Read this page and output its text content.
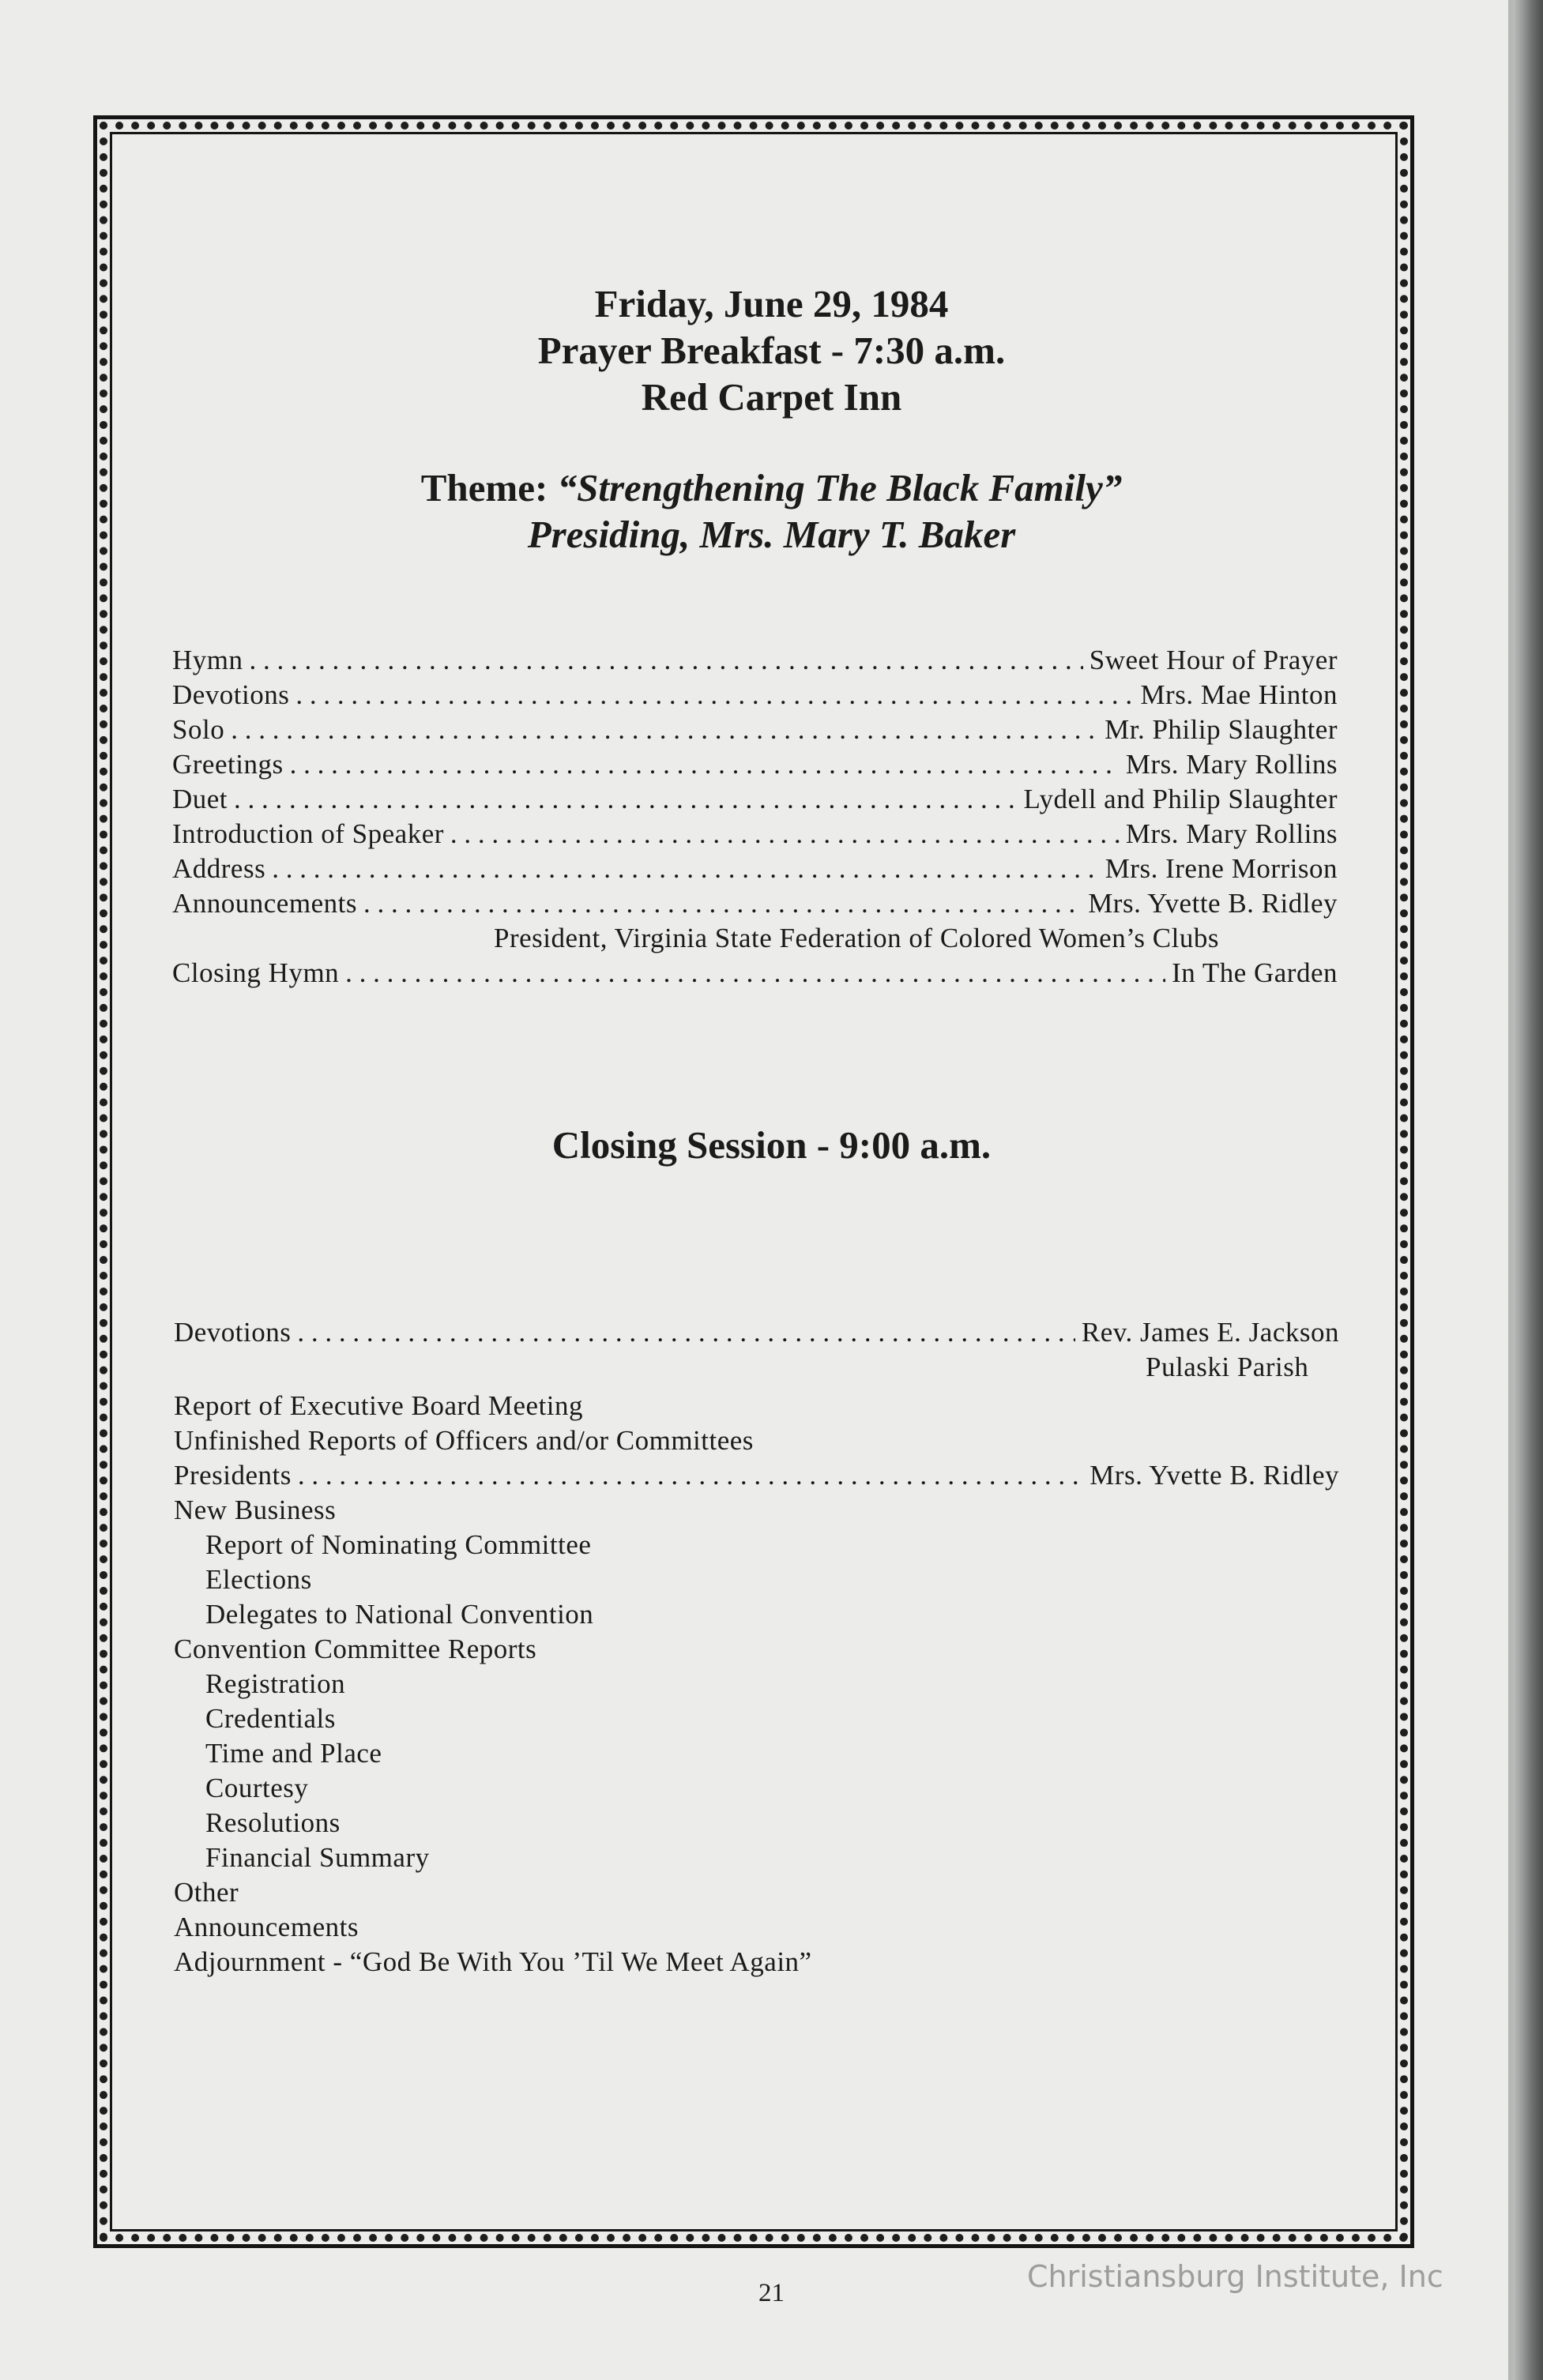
Friday, June 29, 1984
Prayer Breakfast - 7:30 a.m.
Red Carpet Inn
Theme: “Strengthening The Black Family”
Presiding, Mrs. Mary T. Baker
Hymn . . .	Sweet Hour of Prayer
Devotions . . .	Mrs. Mae Hinton
Solo . . .	Mr. Philip Slaughter
Greetings . . .	Mrs. Mary Rollins
Duet . . .	Lydell and Philip Slaughter
Introduction of Speaker . . .	Mrs. Mary Rollins
Address . . .	Mrs. Irene Morrison
Announcements . . .	Mrs. Yvette B. Ridley
President, Virginia State Federation of Colored Women’s Clubs
Closing Hymn . . .	In The Garden
Closing Session - 9:00 a.m.
Devotions . . .	Rev. James E. Jackson
Pulaski Parish
Report of Executive Board Meeting
Unfinished Reports of Officers and/or Committees
Presidents . . .	Mrs. Yvette B. Ridley
New Business
Report of Nominating Committee
Elections
Delegates to National Convention
Convention Committee Reports
Registration
Credentials
Time and Place
Courtesy
Resolutions
Financial Summary
Other
Announcements
Adjournment - “God Be With You ’Til We Meet Again”
21	Christiansburg Institute, Inc
